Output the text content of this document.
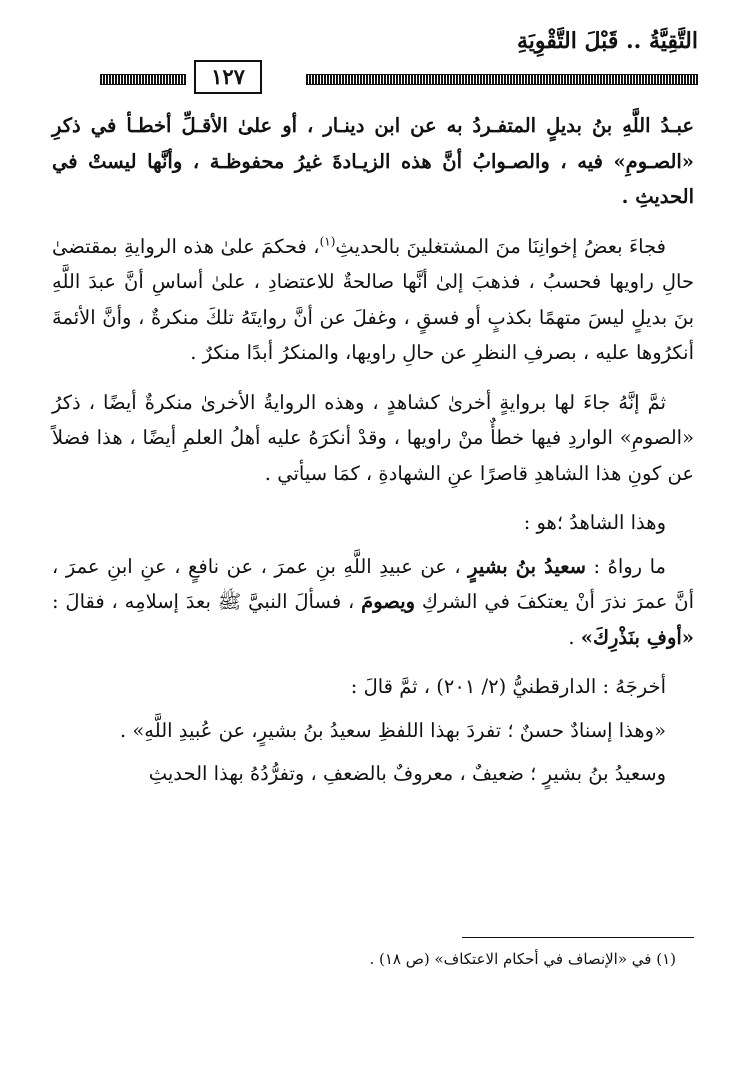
التَّقِيَّةُ .. قَبْلَ التَّقْوِيَةِ
١٢٧

عبـدُ اللَّهِ بنُ بديلٍ المتفـردُ به عن ابن دينـار ، أو علىٰ الأقـلِّ أخطـأ في ذكرِ «الصـومِ» فيه ، والصـوابُ أنَّ هذه الزيـادةَ غيرُ محفوظـة ، وأنَّها ليستْ في الحديثِ .

فجاءَ بعضُ إخوانِنَا منَ المشتغلينَ بالحديثِ$^{(١)}$، فحكمَ علىٰ هذه الروايةِ بمقتضىٰ حالِ راويها فحسبُ ، فذهبَ إلىٰ أنَّها صالحةٌ للاعتضادِ ، علىٰ أساسِ أنَّ عبدَ اللَّهِ بنَ بديلٍ ليسَ متهمًا بكذبٍ أو فسقٍ ، وغفلَ عن أنَّ روايتَهُ تلكَ منكرةٌ ، وأنَّ الأئمةَ أنكرُوها عليه ، بصرفِ النظرِ عن حالِ راويها، والمنكرُ أبدًا منكرٌ .

ثمَّ إنَّهُ جاءَ لها بروايةٍ أخرىٰ كشاهدٍ ، وهذه الروايةُ الأخرىٰ منكرةٌ أيضًا ، ذكرُ «الصومِ» الواردِ فيها خطأٌ منْ راويها ، وقدْ أنكرَهُ عليه أهلُ العلمِ أيضًا ، هذا فضلاً عن كونِ هذا الشاهدِ قاصرًا عنِ الشهادةِ ، كمَا سيأتي .

وهذا الشاهدُ ؛هو :

ما رواهُ : سعيدُ بنُ بشيرٍ ، عن عبيدِ اللَّهِ بنِ عمرَ ، عن نافعٍ ، عنِ ابنِ عمرَ ، أنَّ عمرَ نذرَ أنْ يعتكفَ في الشركِ ويصومَ ، فسألَ النبيَّ ﷺ بعدَ إسلامِه ، فقالَ : «أوفِ بنَذْرِكَ» .

أخرجَهُ : الدارقطنيُّ (٢/ ٢٠١) ، ثمَّ قالَ :

«وهذا إسنادٌ حسنٌ ؛ تفردَ بهذا اللفظِ سعيدُ بنُ بشيرٍ، عن عُبيدِ اللَّهِ» .

وسعيدُ بنُ بشيرٍ ؛ ضعيفٌ ، معروفٌ بالضعفِ ، وتفرُّدُهُ بهذا الحديثِ

(١) في «الإنصاف في أحكام الاعتكاف» (ص ١٨) .
